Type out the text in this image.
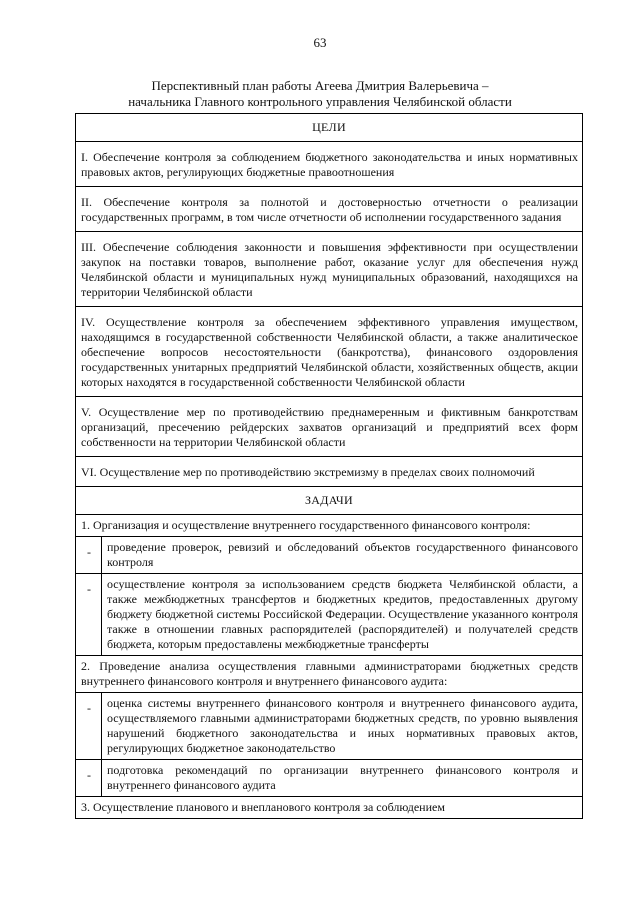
63
Перспективный план работы Агеева Дмитрия Валерьевича –
начальника Главного контрольного управления Челябинской области
ЦЕЛИ	
I. Обеспечение контроля за соблюдением бюджетного законодательства и иных нормативных правовых актов, регулирующих бюджетные правоотношения	
II. Обеспечение контроля за полнотой и достоверностью отчетности о реализации государственных программ, в том числе отчетности об исполнении государственного задания	
III. Обеспечение соблюдения законности и повышения эффективности при осуществлении закупок на поставки товаров, выполнение работ, оказание услуг для обеспечения нужд Челябинской области и муниципальных нужд муниципальных образований, находящихся на территории Челябинской области	
IV. Осуществление контроля за обеспечением эффективного управления имуществом, находящимся в государственной собственности Челябинской области, а также аналитическое обеспечение вопросов несостоятельности (банкротства), финансового оздоровления государственных унитарных предприятий Челябинской области, хозяйственных обществ, акции которых находятся в государственной собственности Челябинской области	
V. Осуществление мер по противодействию преднамеренным и фиктивным банкротствам организаций, пресечению рейдерских захватов организаций и предприятий всех форм собственности на территории Челябинской области	
VI. Осуществление мер по противодействию экстремизму в пределах своих полномочий	
ЗАДАЧИ	
1. Организация и осуществление внутреннего государственного финансового контроля:	
-	проведение проверок, ревизий и обследований объектов государственного финансового контроля
-	осуществление контроля за использованием средств бюджета Челябинской области, а также межбюджетных трансфертов и бюджетных кредитов, предоставленных другому бюджету бюджетной системы Российской Федерации. Осуществление указанного контроля также в отношении главных распорядителей (распорядителей) и получателей средств бюджета, которым предоставлены межбюджетные трансферты
2. Проведение анализа осуществления главными администраторами бюджетных средств внутреннего финансового контроля и внутреннего финансового аудита:	
-	оценка системы внутреннего финансового контроля и внутреннего финансового аудита, осуществляемого главными администраторами бюджетных средств, по уровню выявления нарушений бюджетного законодательства и иных нормативных правовых актов, регулирующих бюджетное законодательство
-	подготовка рекомендаций по организации внутреннего финансового контроля и внутреннего финансового аудита
3. Осуществление планового и внепланового контроля за соблюдением	
